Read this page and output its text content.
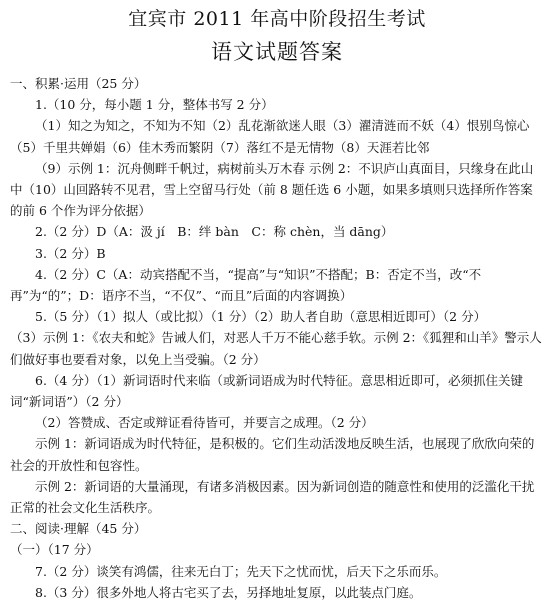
宜宾市 2011 年高中阶段招生考试
语文试题答案

一、积累·运用（25 分）

1.（10 分，每小题 1 分，整体书写 2 分）

（1）知之为知之，不知为不知（2）乱花渐欲迷人眼（3）濯清涟而不妖（4）恨别鸟惊心（5）千里共婵娟（6）佳木秀而繁阴（7）落红不是无情物（8）天涯若比邻

（9）示例 1：沉舟侧畔千帆过，病树前头万木春 示例 2：不识庐山真面目，只缘身在此山中（10）山回路转不见君，雪上空留马行处（前 8 题任选 6 小题，如果多填则只选择所作答案的前 6 个作为评分依据）

2.（2 分）D（A：汲 jí　B：绊 bàn　C：称 chèn，当 dāng）

3.（2 分）B

4.（2 分）C（A：动宾搭配不当，“提高”与“知识”不搭配；B：否定不当，改“不再”为“的”；D：语序不当，“不仅”、“而且”后面的内容调换）

5.（5 分）（1）拟人（或比拟）（1 分）（2）助人者自助（意思相近即可）（2 分）

（3）示例 1：《农夫和蛇》告诫人们，对恶人千万不能心慈手软。示例 2：《狐狸和山羊》警示人们做好事也要看对象，以免上当受骗。（2 分）

6.（4 分）（1）新词语时代来临（或新词语成为时代特征。意思相近即可，必须抓住关键词“新词语”）（2 分）

（2）答赞成、否定或辩证看待皆可，并要言之成理。（2 分）

示例 1：新词语成为时代特征，是积极的。它们生动活泼地反映生活，也展现了欣欣向荣的社会的开放性和包容性。

示例 2：新词语的大量涌现，有诸多消极因素。因为新词创造的随意性和使用的泛滥化干扰正常的社会文化生活秩序。

二、阅读·理解（45 分）

（一）（17 分）

7.（2 分）谈笑有鸿儒，往来无白丁；先天下之忧而忧，后天下之乐而乐。

8.（3 分）很多外地人将古宅买了去，另择地址复原，以此装点门庭。
